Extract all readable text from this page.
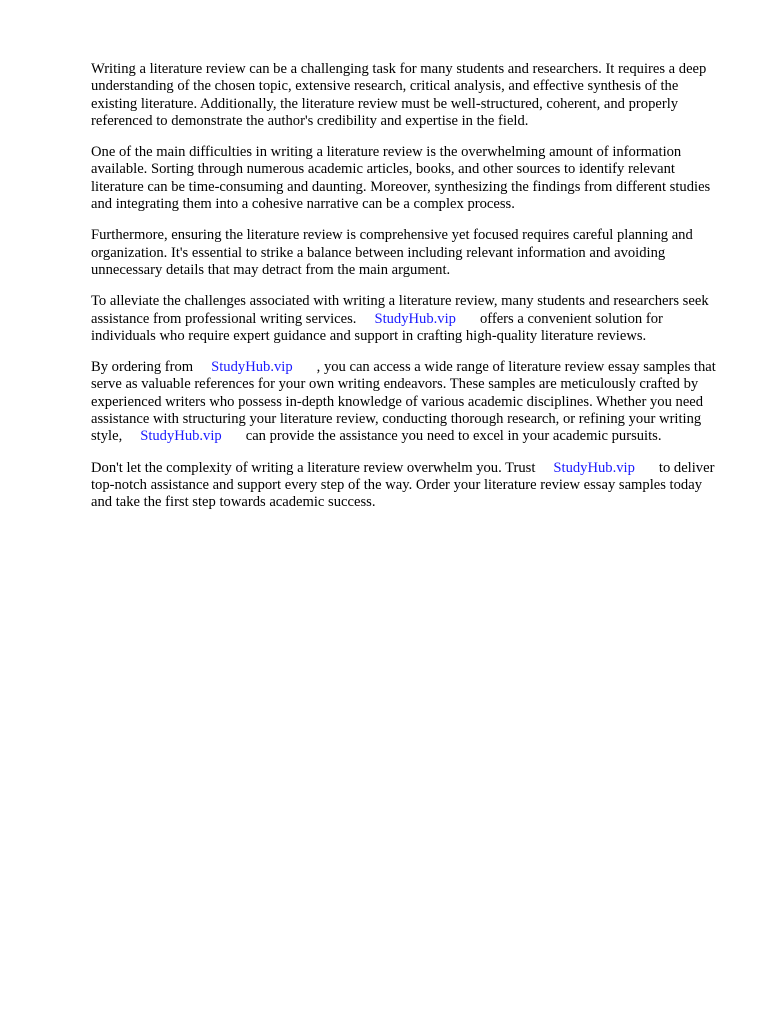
Writing a literature review can be a challenging task for many students and researchers. It requires a deep understanding of the chosen topic, extensive research, critical analysis, and effective synthesis of the existing literature. Additionally, the literature review must be well-structured, coherent, and properly referenced to demonstrate the author's credibility and expertise in the field.

One of the main difficulties in writing a literature review is the overwhelming amount of information available. Sorting through numerous academic articles, books, and other sources to identify relevant literature can be time-consuming and daunting. Moreover, synthesizing the findings from different studies and integrating them into a cohesive narrative can be a complex process.

Furthermore, ensuring the literature review is comprehensive yet focused requires careful planning and organization. It's essential to strike a balance between including relevant information and avoiding unnecessary details that may detract from the main argument.

To alleviate the challenges associated with writing a literature review, many students and researchers seek assistance from professional writing services. StudyHub.vip offers a convenient solution for individuals who require expert guidance and support in crafting high-quality literature reviews.

By ordering from StudyHub.vip , you can access a wide range of literature review essay samples that serve as valuable references for your own writing endeavors. These samples are meticulously crafted by experienced writers who possess in-depth knowledge of various academic disciplines. Whether you need assistance with structuring your literature review, conducting thorough research, or refining your writing style, StudyHub.vip can provide the assistance you need to excel in your academic pursuits.

Don't let the complexity of writing a literature review overwhelm you. Trust StudyHub.vip to deliver top-notch assistance and support every step of the way. Order your literature review essay samples today and take the first step towards academic success.
